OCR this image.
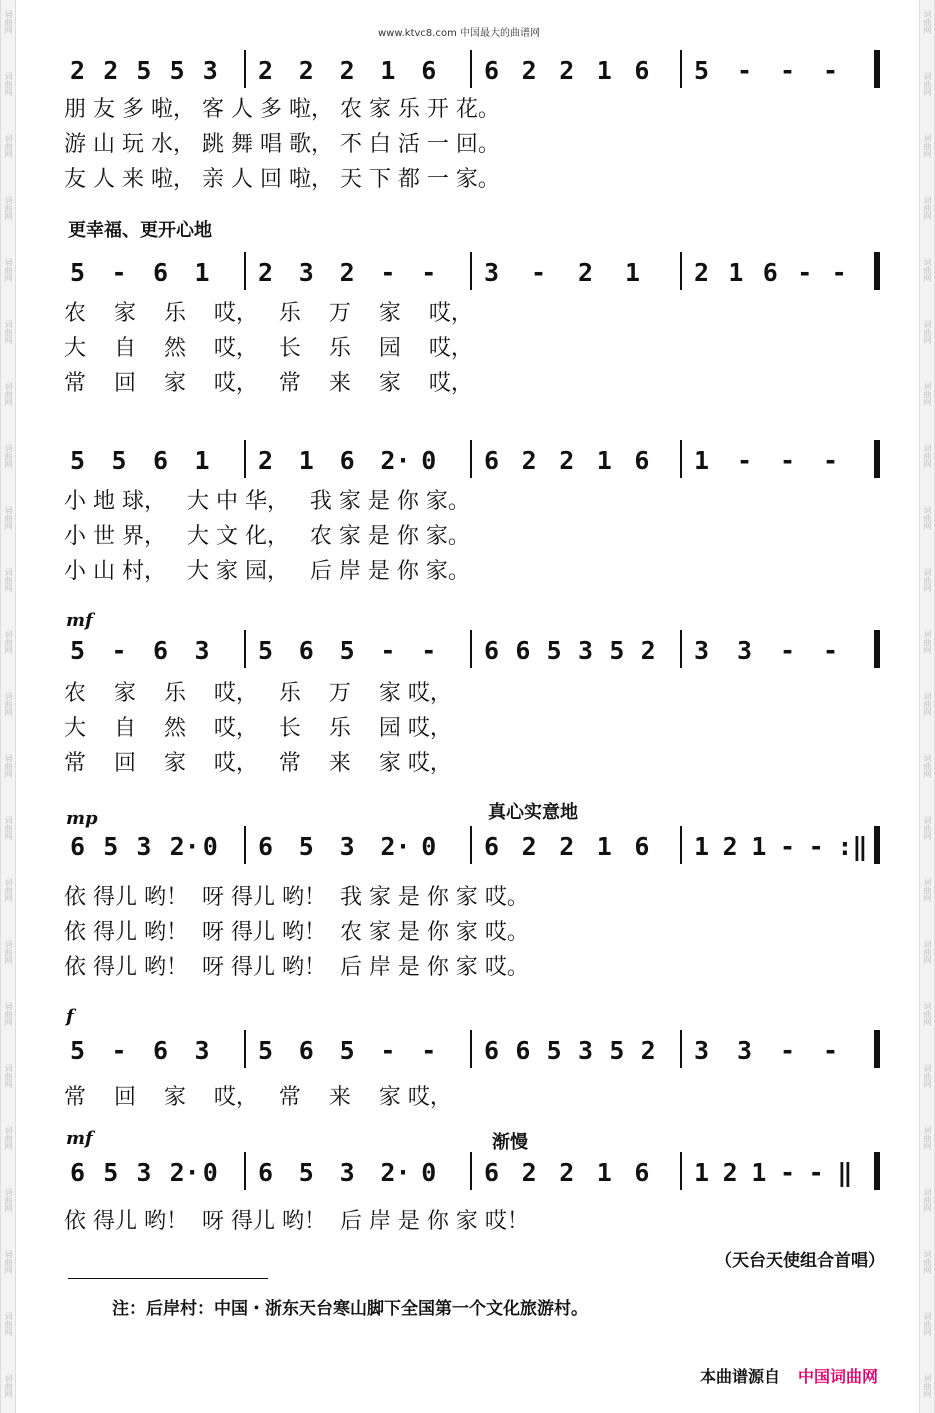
词曲网
词曲网
词曲网
词曲网
词曲网
词曲网
词曲网
词曲网
词曲网
词曲网
词曲网
词曲网
词曲网
词曲网
词曲网
词曲网
词曲网
词曲网
词曲网
词曲网
词曲网
词曲网
词曲网
词曲网
词曲网
词曲网
词曲网
词曲网
词曲网
词曲网
词曲网
词曲网
词曲网
词曲网
词曲网
词曲网
词曲网
词曲网
词曲网
词曲网
词曲网
词曲网
词曲网
词曲网
词曲网
词曲网
www.ktvc8.com 中国最大的曲谱网
2 2 5 5 3 2 2 2 1 6 6 2 2 1 6 5 - - -
朋 友 多 啦， 客 人 多 啦， 农 家 乐 开 花。
游 山 玩 水， 跳 舞 唱 歌， 不 白 活 一 回。
友 人 来 啦， 亲 人 回 啦， 天 下 都 一 家。
5 - 6 1 2 3 2 - - 3 - 2 1 2 1 6 - -
更幸福、更开心地
农    家    乐    哎，   乐    万    家    哎，
大    自    然    哎，   长    乐    园    哎，
常    回    家    哎，   常    来    家    哎，
5 5 6 1 2 1 6 2· 0 6 2 2 1 6 1 - - -
小 地 球，   大 中 华，   我 家 是 你 家。
小 世 界，   大 文 化，   农 家 是 你 家。
小 山 村，   大 家 园，   后 岸 是 你 家。
5 - 6 3 5 6 5 - - 6 6 5 3 5 2 3 3 - -
mf
农    家    乐    哎，   乐    万    家 哎，
大    自    然    哎，   长    乐    园 哎，
常    回    家    哎，   常    来    家 哎，
6 5 3 2· 0 6 5 3 2· 0 6 2 2 1 6 1 2 1 - - :‖
mp	真心实意地
依 得儿 哟！  呀 得儿 哟！  我 家 是 你 家 哎。
依 得儿 哟！  呀 得儿 哟！  农 家 是 你 家 哎。
依 得儿 哟！  呀 得儿 哟！  后 岸 是 你 家 哎。
5 - 6 3 5 6 5 - - 6 6 5 3 5 2 3 3 - -
f
常    回    家    哎，   常    来    家 哎，
6 5 3 2· 0 6 5 3 2· 0 6 2 2 1 6 1 2 1 - - ‖
mf	渐慢
依 得儿 哟！  呀 得儿 哟！  后 岸 是 你 家 哎！
（天台天使组合首唱）
注：后岸村：中国・浙东天台寒山脚下全国第一个文化旅游村。
本曲谱源自 中国词曲网
